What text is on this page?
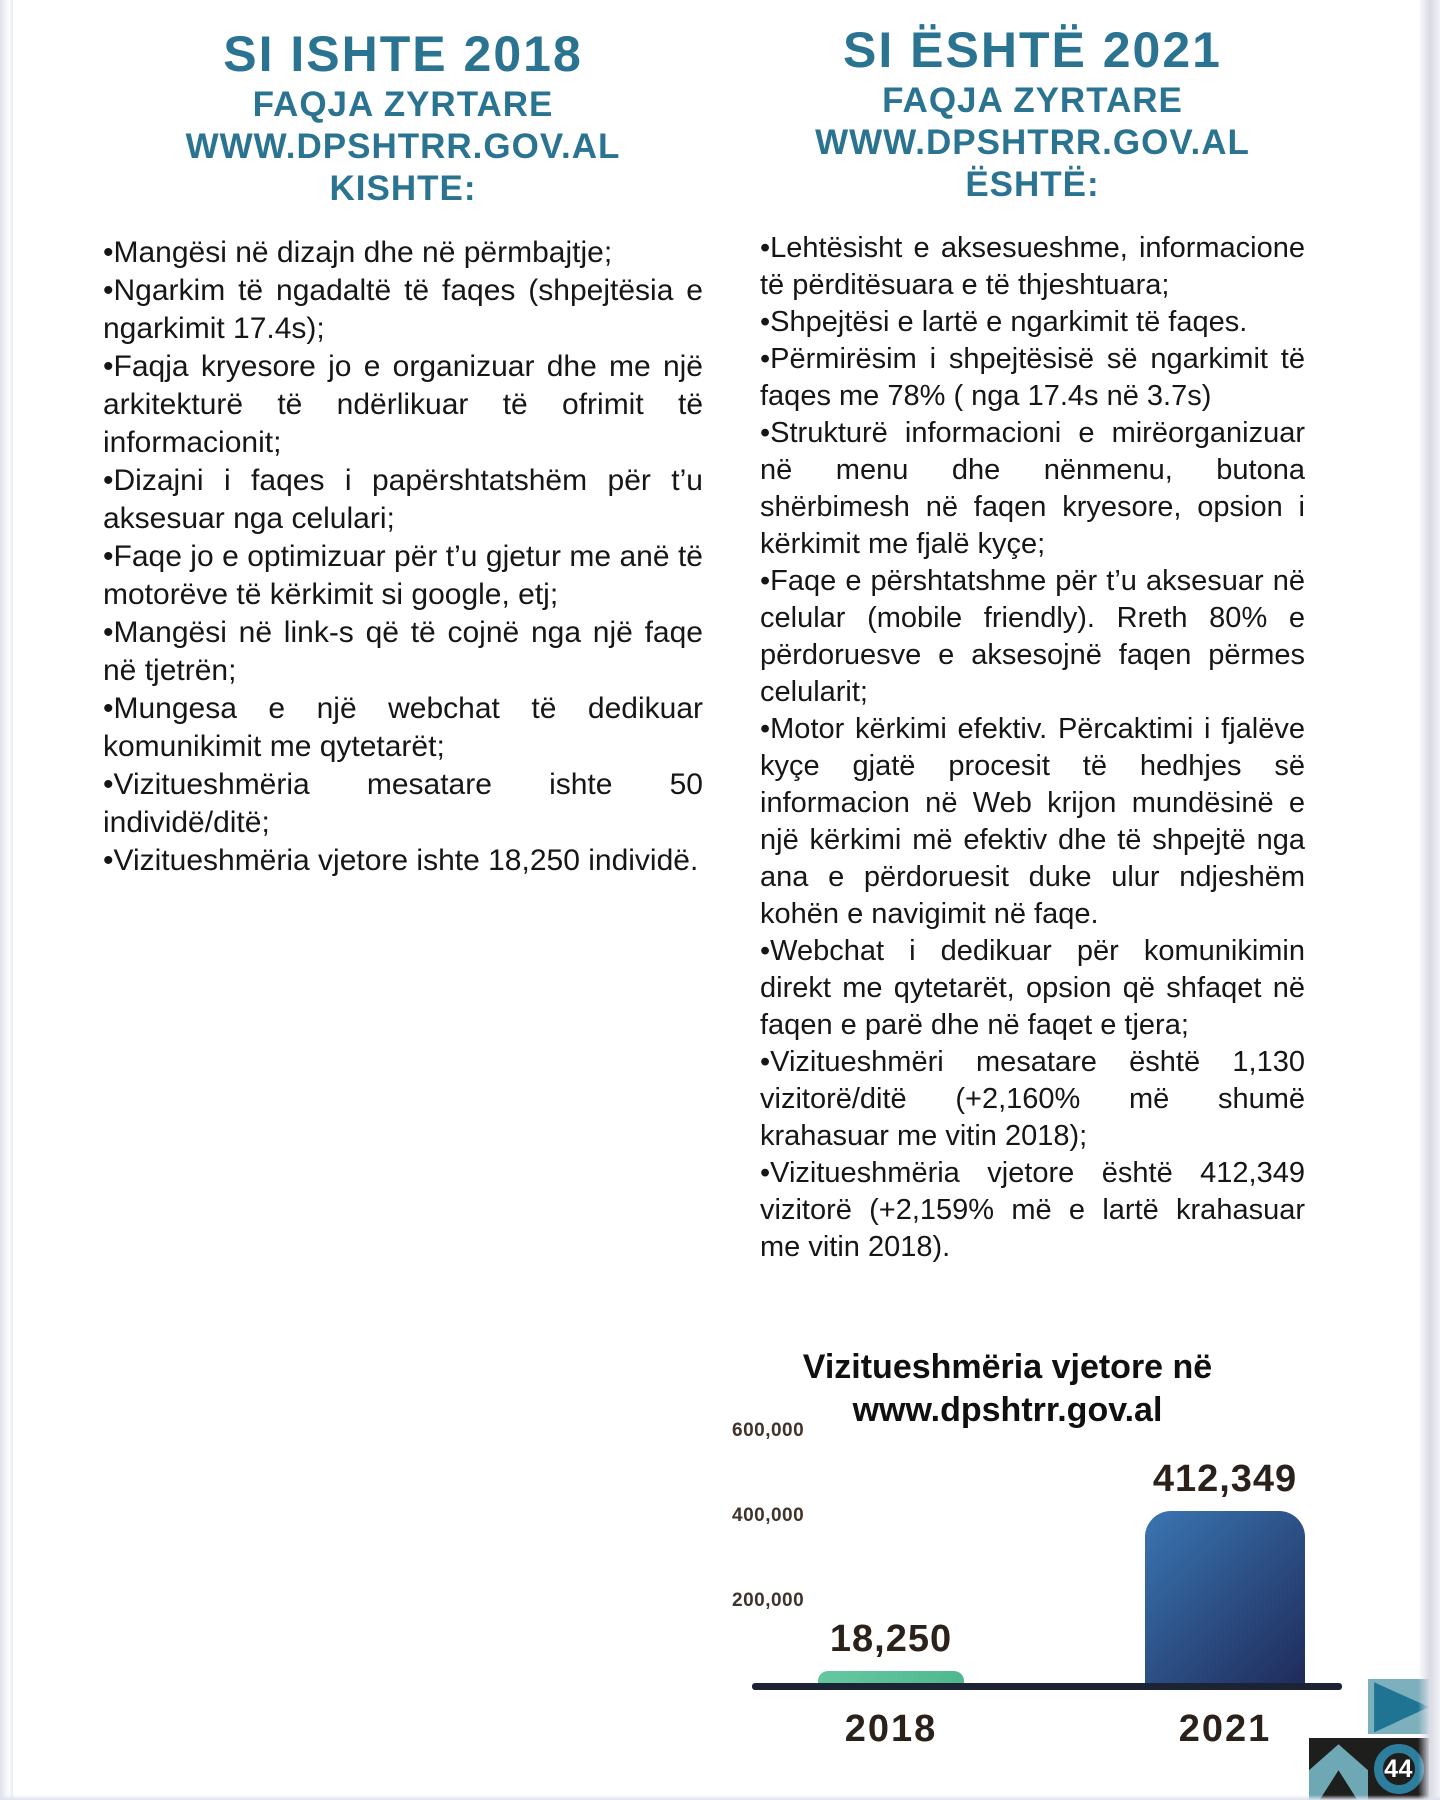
SI ISHTE 2018
FAQJA ZYRTARE
WWW.DPSHTRR.GOV.AL
KISHTE:

•Mangësi në dizajn dhe në përmbajtje;

•Ngarkim të ngadaltë të faqes (shpejtësia e ngarkimit 17.4s);

•Faqja kryesore jo e organizuar dhe me një arkitekturë të ndërlikuar të ofrimit të informacionit;

•Dizajni i faqes i papërshtatshëm për t’u aksesuar nga celulari;

•Faqe jo e optimizuar për t’u gjetur me anë të motorëve të kërkimit si google, etj;

•Mangësi në link-s që të cojnë nga një faqe në tjetrën;

•Mungesa e një webchat të dedikuar komunikimit me qytetarët;

•Vizitueshmëria mesatare ishte 50 individë/ditë;

•Vizitueshmëria vjetore ishte 18,250 individë.

SI ËSHTË 2021
FAQJA ZYRTARE
WWW.DPSHTRR.GOV.AL
ËSHTË:

•Lehtësisht e aksesueshme, informacione të përditësuara e të thjeshtuara;

•Shpejtësi e lartë e ngarkimit të faqes.

•Përmirësim i shpejtësisë së ngarkimit të faqes me 78% ( nga 17.4s në 3.7s)

•Strukturë informacioni e mirëorganizuar në menu dhe nënmenu, butona shërbimesh në faqen kryesore, opsion i kërkimit me fjalë kyçe;

•Faqe e përshtatshme për t’u aksesuar në celular (mobile friendly). Rreth 80% e përdoruesve e aksesojnë faqen përmes celularit;

•Motor kërkimi efektiv. Përcaktimi i fjalëve kyçe gjatë procesit të hedhjes së informacion në Web krijon mundësinë e një kërkimi më efektiv dhe të shpejtë nga ana e përdoruesit duke ulur ndjeshëm kohën e navigimit në faqe.

•Webchat i dedikuar për komunikimin direkt me qytetarët, opsion që shfaqet në faqen e parë dhe në faqet e tjera;

•Vizitueshmëri mesatare është 1,130 vizitorë/ditë (+2,160% më shumë krahasuar me vitin 2018);

•Vizitueshmëria vjetore është 412,349 vizitorë (+2,159% më e lartë krahasuar me vitin 2018).

Vizitueshmëria vjetore në
www.dpshtrr.gov.al
18,250
2018
412,349
2021
600,000
400,000
200,000
44
